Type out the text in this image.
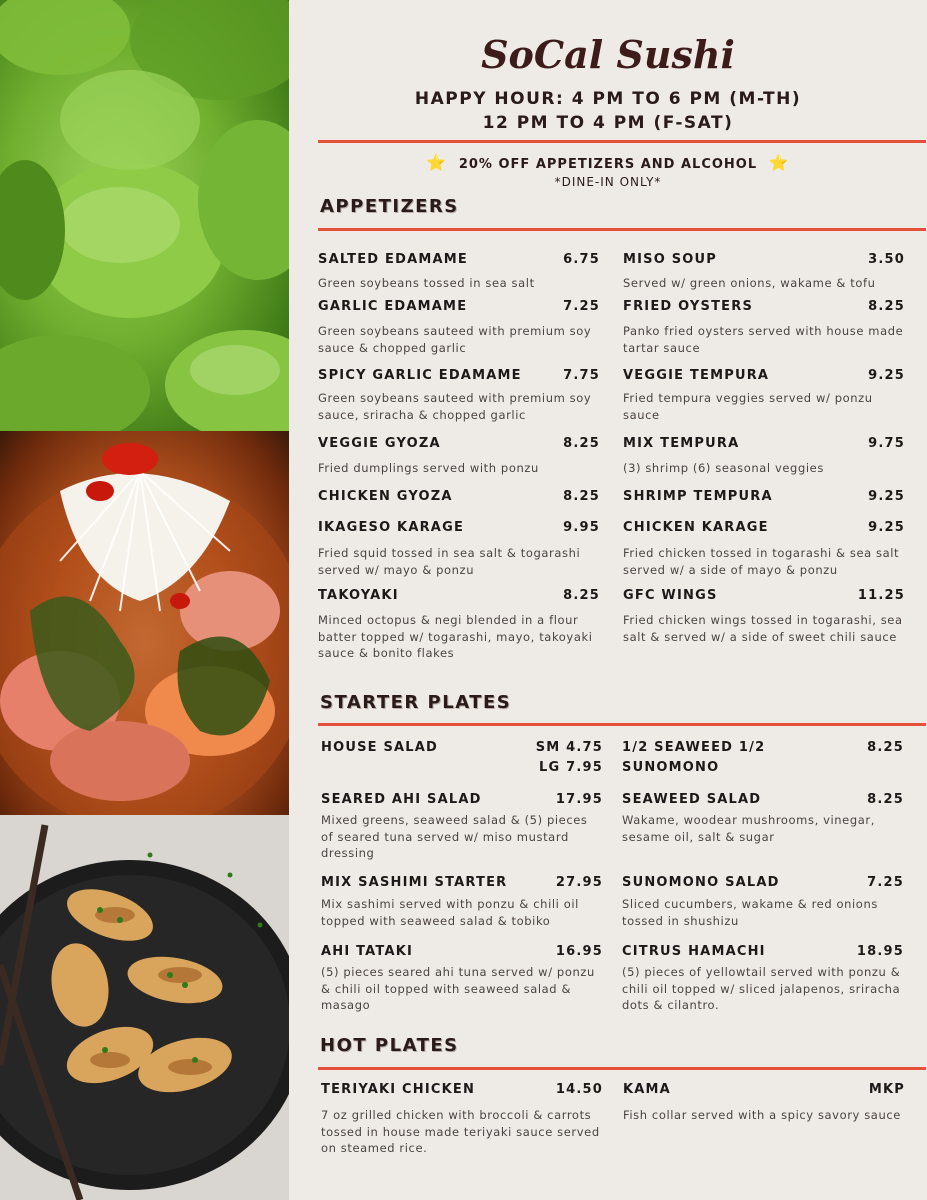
SoCal Sushi
HAPPY HOUR: 4 PM TO 6 PM (M-TH)
12 PM TO 4 PM (F-SAT)
⭐ 20% OFF APPETIZERS AND ALCOHOL ⭐
*DINE-IN ONLY*
APPETIZERS
SALTED EDAMAME	6.75
Green soybeans tossed in sea salt
MISO SOUP	3.50
Served w/ green onions, wakame & tofu
GARLIC EDAMAME	7.25
Green soybeans sauteed with premium soy sauce & chopped garlic
FRIED OYSTERS	8.25
Panko fried oysters served with house made tartar sauce
SPICY GARLIC EDAMAME	7.75
Green soybeans sauteed with premium soy sauce, sriracha & chopped garlic
VEGGIE TEMPURA	9.25
Fried tempura veggies served w/ ponzu sauce
VEGGIE GYOZA	8.25
Fried dumplings served with ponzu
MIX TEMPURA	9.75
(3) shrimp (6) seasonal veggies
CHICKEN GYOZA	8.25 SHRIMP TEMPURA	9.25
IKAGESO KARAGE	9.95
Fried squid tossed in sea salt & togarashi served w/ mayo & ponzu
CHICKEN KARAGE	9.25
Fried chicken tossed in togarashi & sea salt served w/ a side of mayo & ponzu
TAKOYAKI	8.25
Minced octopus & negi blended in a flour batter topped w/ togarashi, mayo, takoyaki sauce & bonito flakes
GFC WINGS	11.25
Fried chicken wings tossed in togarashi, sea salt & served w/ a side of sweet chili sauce
STARTER PLATES
HOUSE SALAD	SM 4.75
LG 7.95
1/2 SEAWEED 1/2
SUNOMONO
8.25
SEARED AHI SALAD	17.95
Mixed greens, seaweed salad & (5) pieces of seared tuna served w/ miso mustard dressing
SEAWEED SALAD	8.25
Wakame, woodear mushrooms, vinegar, sesame oil, salt & sugar
MIX SASHIMI STARTER	27.95
Mix sashimi served with ponzu & chili oil topped with seaweed salad & tobiko
SUNOMONO SALAD	7.25
Sliced cucumbers, wakame & red onions tossed in shushizu
AHI TATAKI	16.95
(5) pieces seared ahi tuna served w/ ponzu & chili oil topped with seaweed salad & masago
CITRUS HAMACHI	18.95
(5) pieces of yellowtail served with ponzu & chili oil topped w/ sliced jalapenos, sriracha dots & cilantro.
HOT PLATES
TERIYAKI CHICKEN	14.50
7 oz grilled chicken with broccoli & carrots tossed in house made teriyaki sauce served on steamed rice.
KAMA	MKP
Fish collar served with a spicy savory sauce
